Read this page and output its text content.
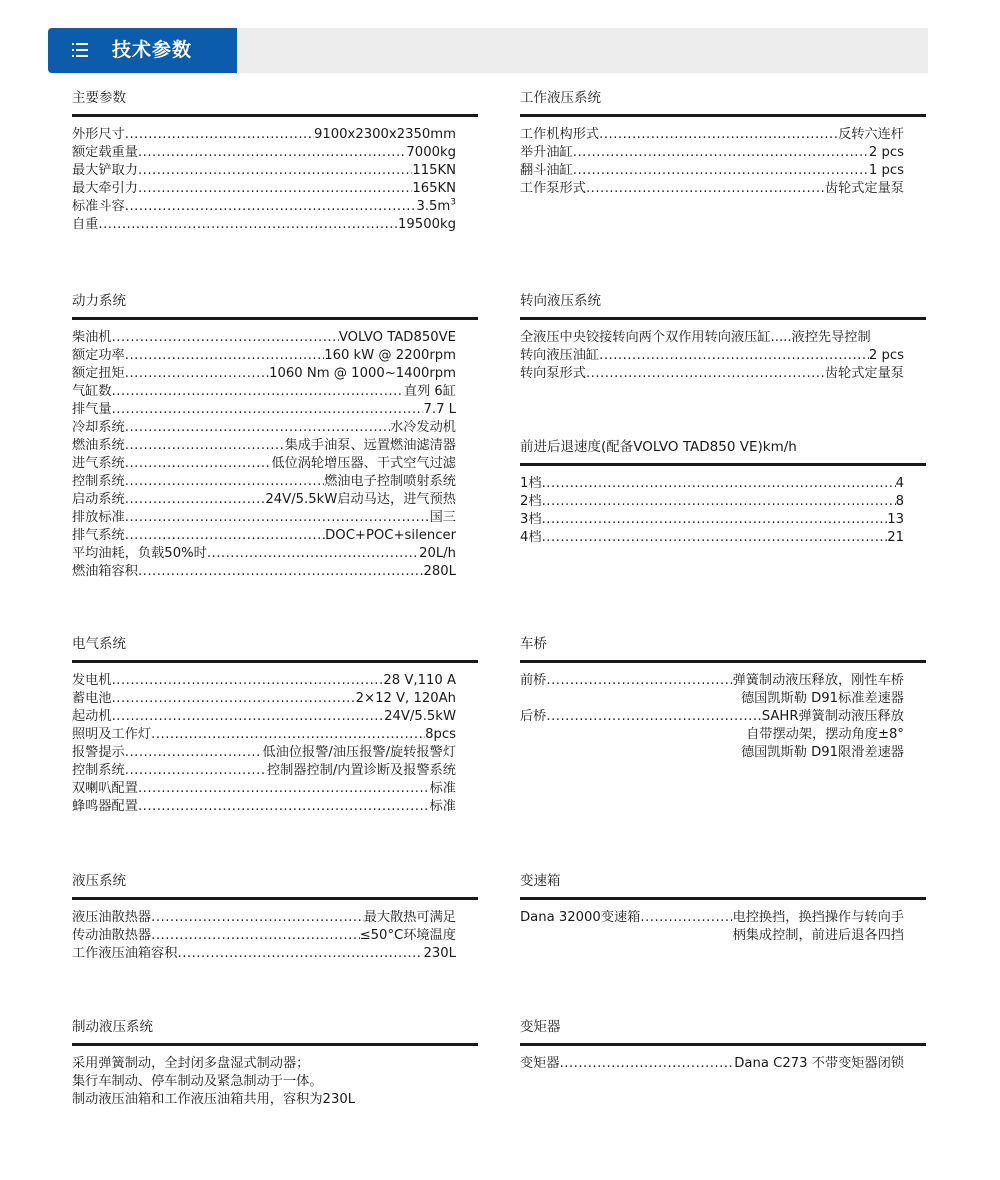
技术参数
主要参数
外形尺寸 .....	9100x2300x2350mm
额定载重量 .....	7000kg
最大铲取力 .....	115KN
最大牵引力 .....	165KN
标准斗容 .....	$3.5m^3$
自重 .....	19500kg
工作液压系统
工作机构形式 .....	反转六连杆
举升油缸 .....	2 pcs
翻斗油缸 .....	1 pcs
工作泵形式 .....	齿轮式定量泵
动力系统
柴油机 .....	VOLVO TAD850VE
额定功率 .....	160 kW @ 2200rpm
额定扭矩 .....	1060 Nm @ 1000~1400rpm
气缸数 .....	直列 6缸
排气量 .....	7.7 L
冷却系统 .....	水冷发动机
燃油系统 .....	集成手油泵、远置燃油滤清器
进气系统 .....	低位涡轮增压器、干式空气过滤
控制系统 .....	燃油电子控制喷射系统
启动系统 .....	24V/5.5kW启动马达，进气预热
排放标准 .....	国三
排气系统 .....	DOC+POC+silencer
平均油耗，负载50%时 .....	20L/h
燃油箱容积 .....	280L
转向液压系统
全液压中央铰接转向两个双作用转向液压缸.....液控先导控制
转向液压油缸 .....	2 pcs
转向泵形式 .....	齿轮式定量泵
前进后退速度(配备VOLVO TAD850 VE)km/h
1档 .....	4
2档 .....	8
3档 .....	13
4档 .....	21
电气系统
发电机 .....	28 V,110 A
蓄电池 .....	2×12 V, 120Ah
起动机 .....	24V/5.5kW
照明及工作灯 .....	8pcs
报警提示 .....	低油位报警/油压报警/旋转报警灯
控制系统 .....	控制器控制/内置诊断及报警系统
双喇叭配置 .....	标准
蜂鸣器配置 .....	标准
车桥
前桥 .....	弹簧制动液压释放，刚性车桥
德国凯斯勒 D91标准差速器
后桥 .....	SAHR弹簧制动液压释放
自带摆动架，摆动角度±8°
德国凯斯勒 D91限滑差速器
液压系统
液压油散热器 .....	最大散热可满足
传动油散热器 .....	≤50°C环境温度
工作液压油箱容积 .....	230L
变速箱
Dana 32000变速箱 .....	电控换挡，换挡操作与转向手
柄集成控制，前进后退各四挡
制动液压系统
采用弹簧制动，全封闭多盘湿式制动器；
集行车制动、停车制动及紧急制动于一体。
制动液压油箱和工作液压油箱共用，容积为230L
变矩器
变矩器 .....	Dana C273 不带变矩器闭锁
